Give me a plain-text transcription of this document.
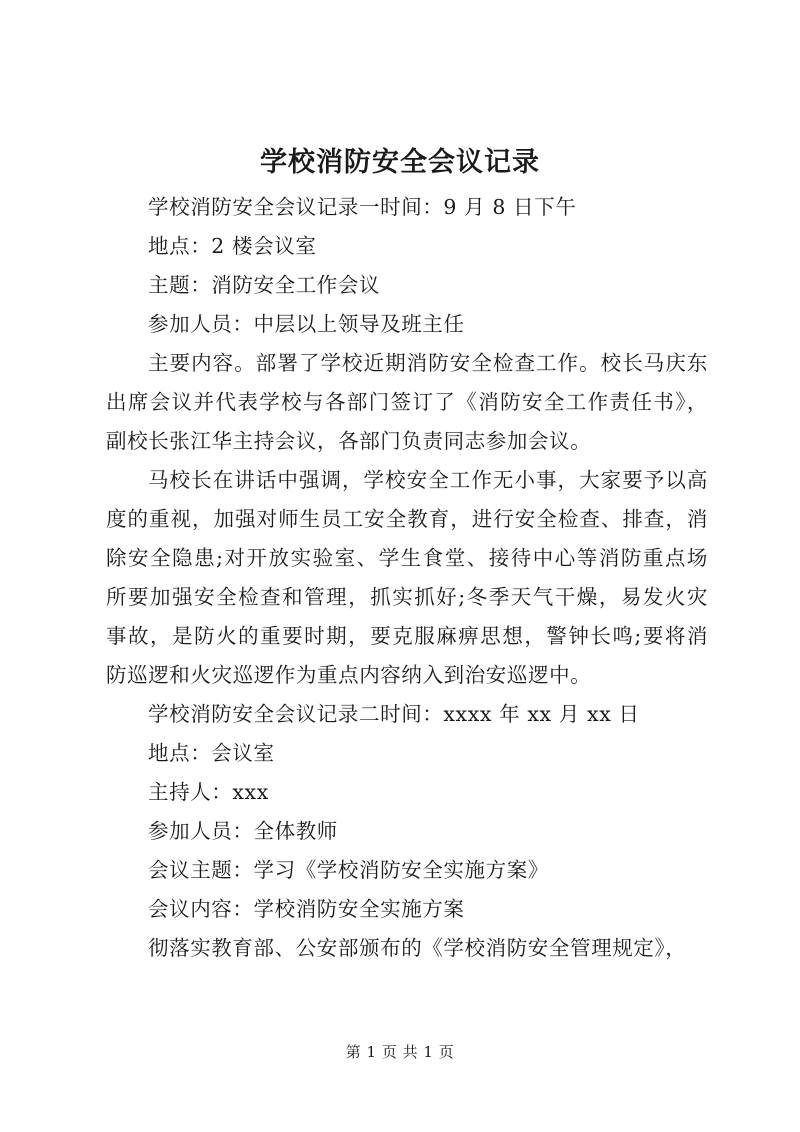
学校消防安全会议记录
学校消防安全会议记录一时间：9 月 8 日下午
地点：2 楼会议室
主题：消防安全工作会议
参加人员：中层以上领导及班主任
主要内容。部署了学校近期消防安全检查工作。校长马庆东
出席会议并代表学校与各部门签订了《消防安全工作责任书》，
副校长张江华主持会议，各部门负责同志参加会议。
马校长在讲话中强调，学校安全工作无小事，大家要予以高
度的重视，加强对师生员工安全教育，进行安全检查、排查，消
除安全隐患;对开放实验室、学生食堂、接待中心等消防重点场
所要加强安全检查和管理，抓实抓好;冬季天气干燥，易发火灾
事故，是防火的重要时期，要克服麻痹思想，警钟长鸣;要将消
防巡逻和火灾巡逻作为重点内容纳入到治安巡逻中。
学校消防安全会议记录二时间：xxxx 年 xx 月 xx 日
地点：会议室
主持人：xxx
参加人员：全体教师
会议主题：学习《学校消防安全实施方案》
会议内容：学校消防安全实施方案
彻落实教育部、公安部颁布的《学校消防安全管理规定》，
第 1 页 共 1 页
